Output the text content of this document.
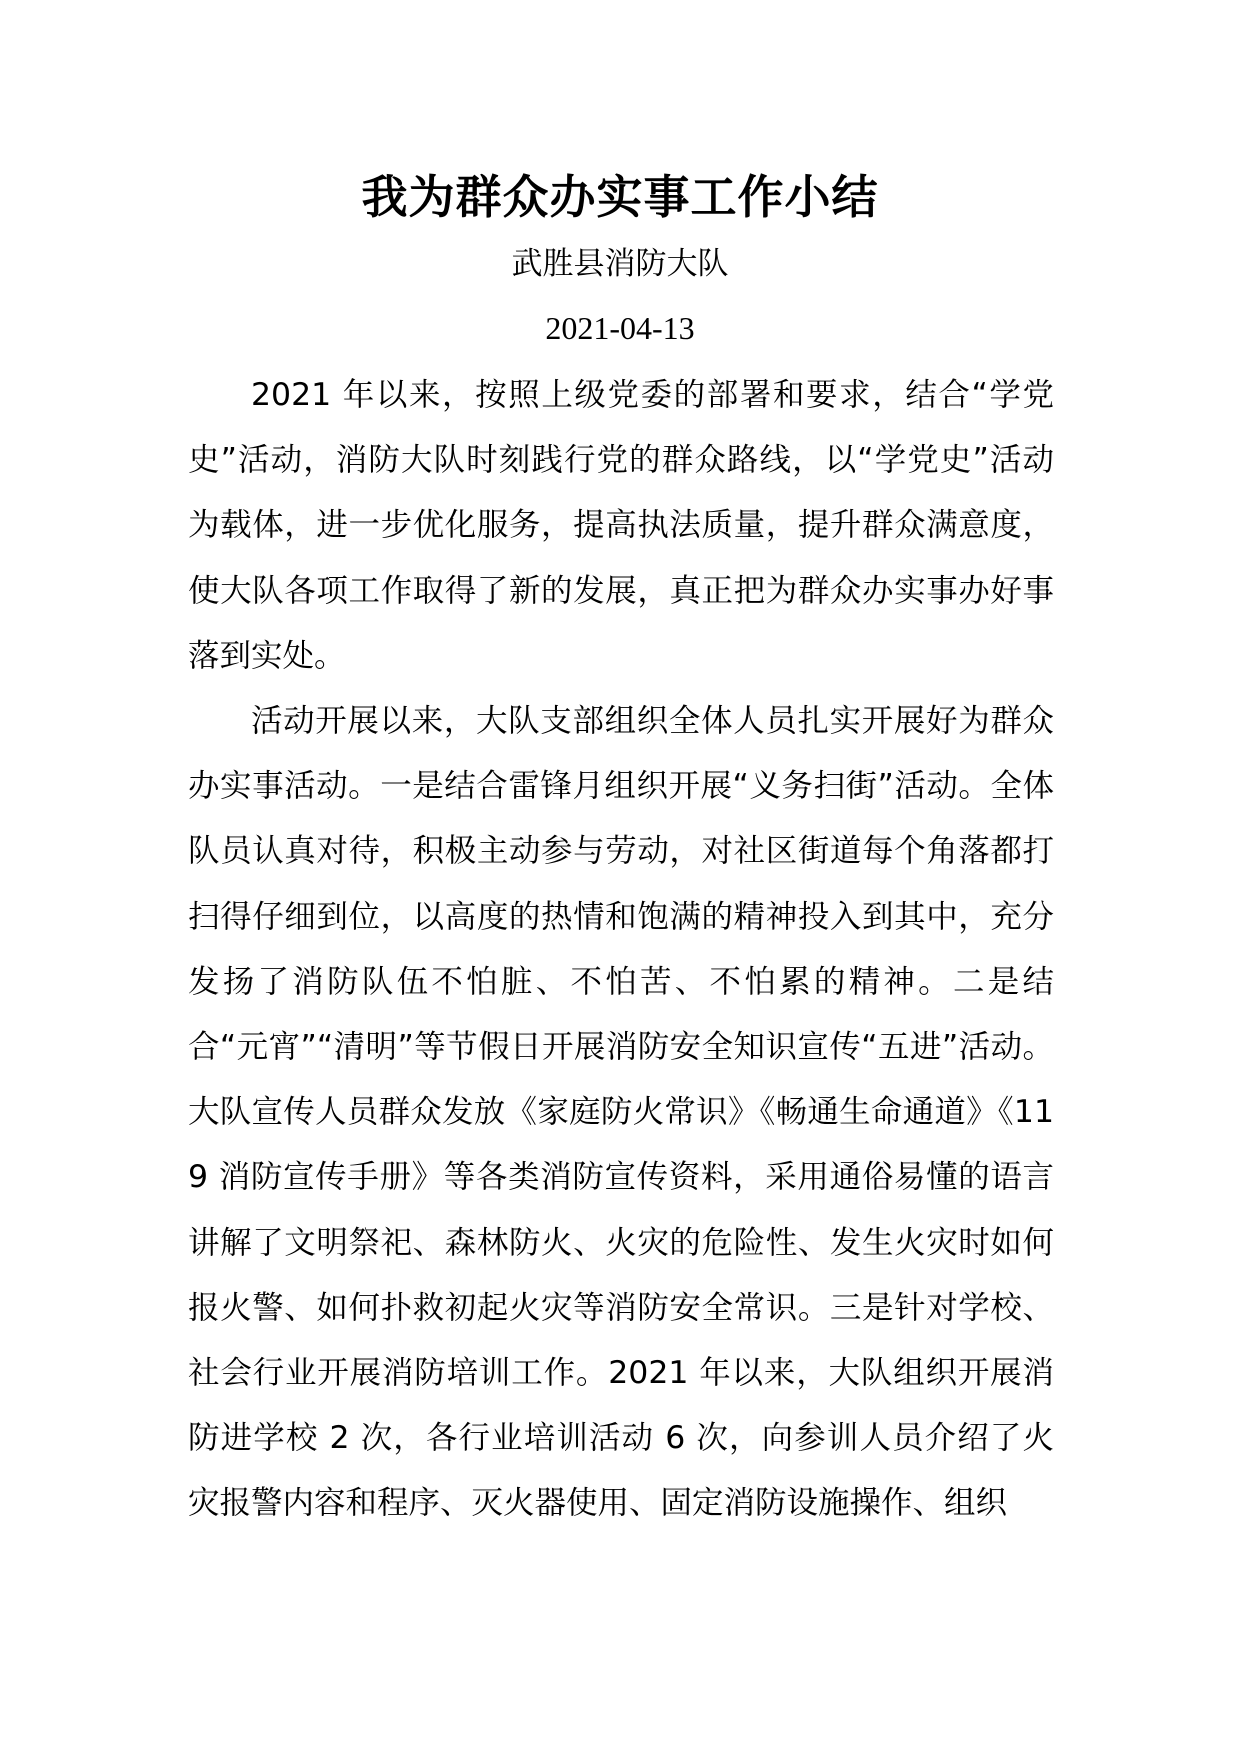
我为群众办实事工作小结
武胜县消防大队
2021-04-13

2021 年以来，按照上级党委的部署和要求，结合“学党史”活动，消防大队时刻践行党的群众路线，以“学党史”活动为载体，进一步优化服务，提高执法质量，提升群众满意度，使大队各项工作取得了新的发展，真正把为群众办实事办好事落到实处。

活动开展以来，大队支部组织全体人员扎实开展好为群众办实事活动。一是结合雷锋月组织开展“义务扫街”活动。全体队员认真对待，积极主动参与劳动，对社区街道每个角落都打扫得仔细到位，以高度的热情和饱满的精神投入到其中，充分发扬了消防队伍不怕脏、不怕苦、不怕累的精神。二是结合“元宵”“清明”等节假日开展消防安全知识宣传“五进”活动。大队宣传人员群众发放《家庭防火常识》《畅通生命通道》《119 消防宣传手册》等各类消防宣传资料，采用通俗易懂的语言讲解了文明祭祀、森林防火、火灾的危险性、发生火灾时如何报火警、如何扑救初起火灾等消防安全常识。三是针对学校、社会行业开展消防培训工作。2021 年以来，大队组织开展消防进学校 2 次，各行业培训活动 6 次，向参训人员介绍了火灾报警内容和程序、灭火器使用、固定消防设施操作、组织
